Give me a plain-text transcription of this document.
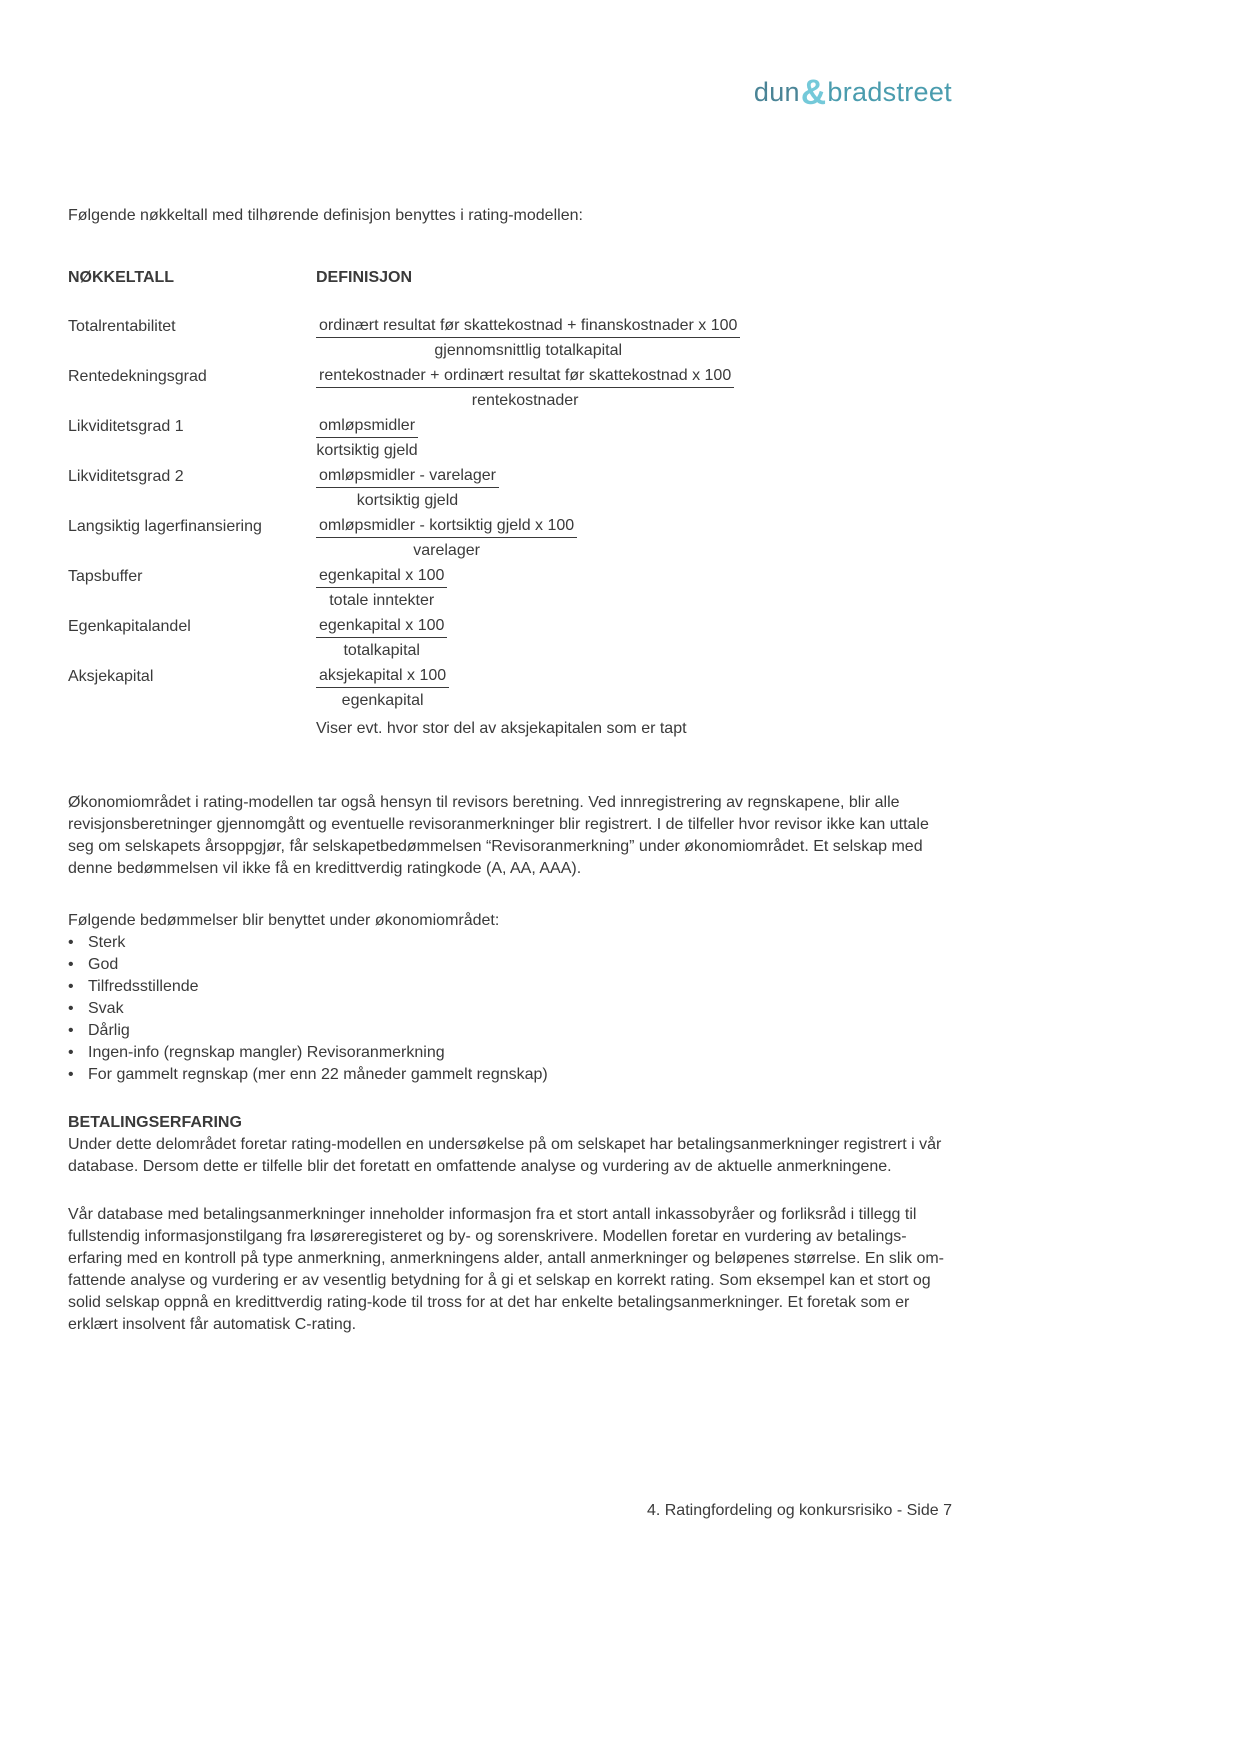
dun&bradstreet

Følgende nøkkeltall med tilhørende definisjon benyttes i rating-modellen:

NØKKELTALL	DEFINISJON
Totalrentabilitet	$\frac{\text{ordinært resultat før skattekostnad + finanskostnader x 100}}{\text{gjennomsnittlig totalkapital}}$
Rentedekningsgrad	$\frac{\text{rentekostnader + ordinært resultat før skattekostnad x 100}}{\text{rentekostnader}}$
Likviditetsgrad 1	$\frac{\text{omløpsmidler}}{\text{kortsiktig gjeld}}$
Likviditetsgrad 2	$\frac{\text{omløpsmidler - varelager}}{\text{kortsiktig gjeld}}$
Langsiktig lagerfinansiering	$\frac{\text{omløpsmidler - kortsiktig gjeld x 100}}{\text{varelager}}$
Tapsbuffer	$\frac{\text{egenkapital x 100}}{\text{totale inntekter}}$
Egenkapitalandel	$\frac{\text{egenkapital x 100}}{\text{totalkapital}}$
Aksjekapital	$\frac{\text{aksjekapital x 100}}{\text{egenkapital}}$
Viser evt. hvor stor del av aksjekapitalen som er tapt

Økonomiområdet i rating-modellen tar også hensyn til revisors beretning. Ved innregistrering av regnskapene, blir alle revisjonsberetninger gjennomgått og eventuelle revisoranmerkninger blir registrert. I de tilfeller hvor revisor ikke kan uttale seg om selskapets årsoppgjør, får selskapetbedømmelsen “Revisoranmerkning” under økonomiområdet. Et selskap med denne bedømmelsen vil ikke få en kredittverdig ratingkode (A, AA, AAA).

Følgende bedømmelser blir benyttet under økonomiområdet:

• Sterk
• God
• Tilfredsstillende
• Svak
• Dårlig
• Ingen-info (regnskap mangler) Revisoranmerkning
• For gammelt regnskap (mer enn 22 måneder gammelt regnskap)
BETALINGSERFARING

Under dette delområdet foretar rating-modellen en undersøkelse på om selskapet har betalingsanmerkninger registrert i vår database. Dersom dette er tilfelle blir det foretatt en omfattende analyse og vurdering av de aktuelle anmerkningene.

Vår database med betalingsanmerkninger inneholder informasjon fra et stort antall inkassobyråer og forliksråd i tillegg til fullstendig informasjonstilgang fra løsøreregisteret og by- og sorenskrivere. Modellen foretar en vurdering av betalings- erfaring med en kontroll på type anmerkning, anmerkningens alder, antall anmerkninger og beløpenes størrelse. En slik om- fattende analyse og vurdering er av vesentlig betydning for å gi et selskap en korrekt rating. Som eksempel kan et stort og solid selskap oppnå en kredittverdig rating-kode til tross for at det har enkelte betalingsanmerkninger. Et foretak som er erklært insolvent får automatisk C-rating.

4. Ratingfordeling og konkursrisiko - Side 7
